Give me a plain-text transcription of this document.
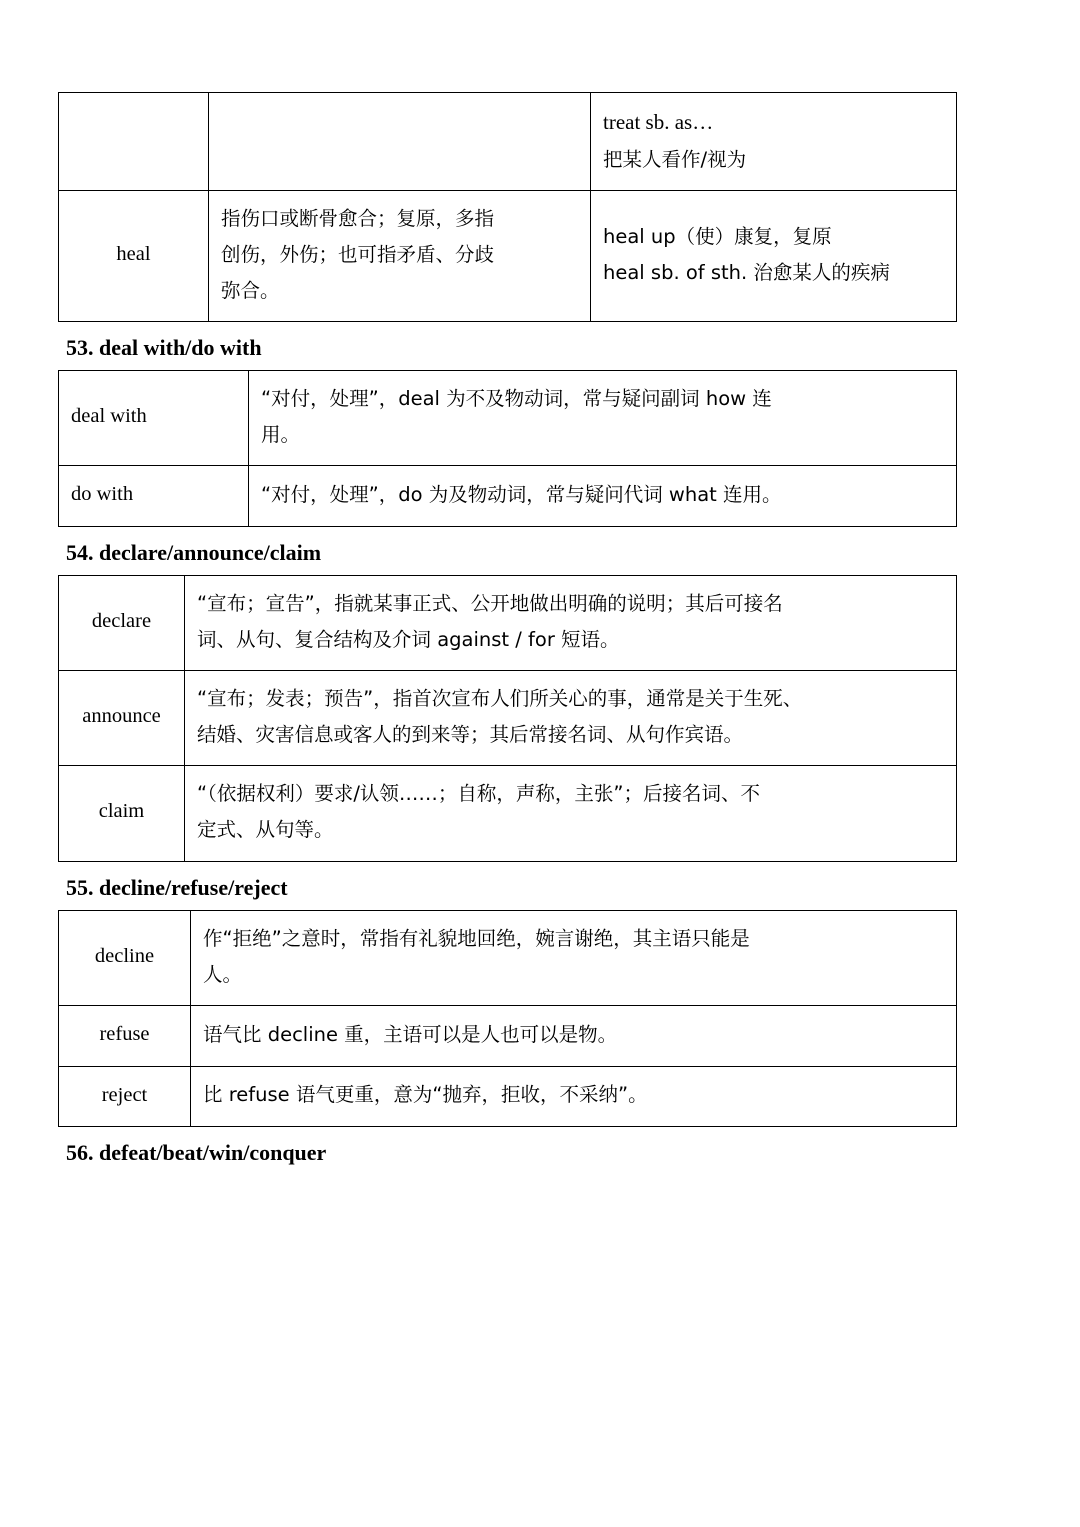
		treat sb. as…
把某人看作/视为

heal	指伤口或断骨愈合；复原，多指
创伤，外伤；也可指矛盾、分歧
弥合。	heal up（使）康复，复原
heal sb. of sth. 治愈某人的疾病
53. deal with/do with
deal with	“对付，处理”，deal 为不及物动词，常与疑问副词 how 连
用。

do with	“对付，处理”，do 为及物动词，常与疑问代词 what 连用。
54. declare/announce/claim
declare	“宣布；宣告”，指就某事正式、公开地做出明确的说明；其后可接名
词、从句、复合结构及介词 against / for 短语。

announce	“宣布；发表；预告”，指首次宣布人们所关心的事，通常是关于生死、
结婚、灾害信息或客人的到来等；其后常接名词、从句作宾语。

claim	“（依据权利）要求/认领……；自称，声称，主张”；后接名词、不
定式、从句等。
55. decline/refuse/reject
decline	作“拒绝”之意时，常指有礼貌地回绝，婉言谢绝，其主语只能是
人。

refuse	语气比 decline 重，主语可以是人也可以是物。

reject	比 refuse 语气更重，意为“抛弃，拒收，不采纳”。
56. defeat/beat/win/conquer
